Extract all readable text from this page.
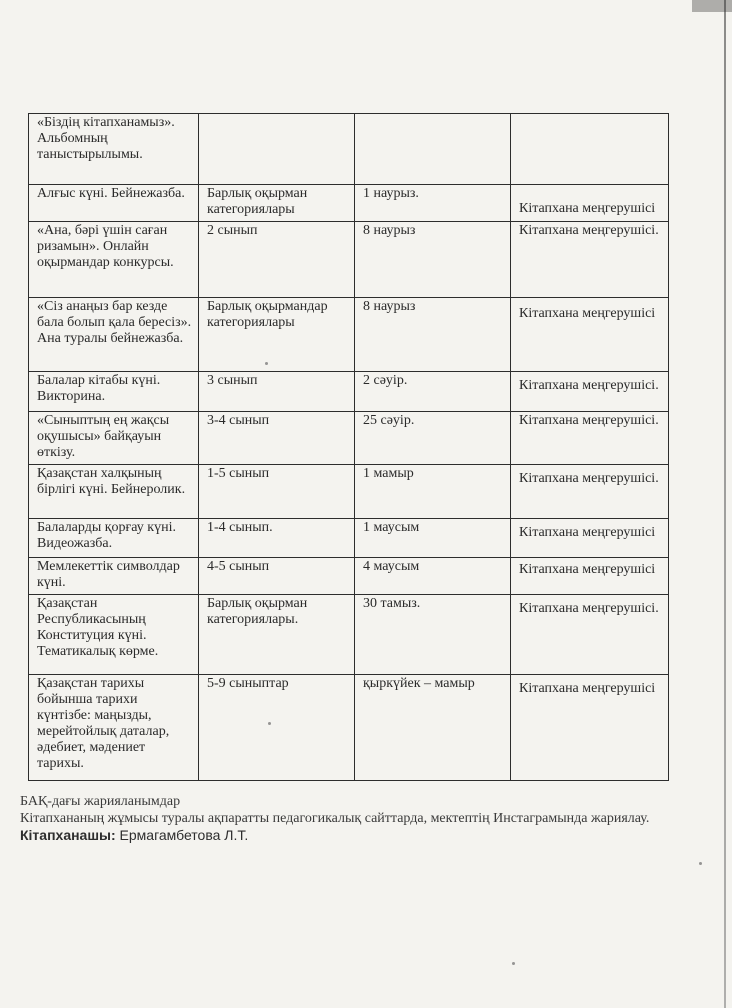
«Біздің кітапханамыз». Альбомның таныстырылымы.			
Алғыс күні. Бейнежазба.	Барлық оқырман категориялары	1 наурыз.	Кітапхана меңгерушісі
«Ана, бәрі үшін саған ризамын». Онлайн оқырмандар конкурсы.	2 сынып	8 наурыз	Кітапхана меңгерушісі.
«Сіз анаңыз бар кезде бала болып қала бересіз». Ана туралы бейнежазба.	Барлық оқырмандар категориялары	8 наурыз	Кітапхана меңгерушісі
Балалар кітабы күні. Викторина.	3 сынып	2 сәуір.	Кітапхана меңгерушісі.
«Сыныптың ең жақсы оқушысы» байқауын өткізу.	3-4 сынып	25 сәуір.	Кітапхана меңгерушісі.
Қазақстан халқының бірлігі күні. Бейнеролик.	1-5 сынып	1 мамыр	Кітапхана меңгерушісі.
Балаларды қорғау күні. Видеожазба.	1-4 сынып.	1 маусым	Кітапхана меңгерушісі
Мемлекеттік символдар күні.	4-5 сынып	4 маусым	Кітапхана меңгерушісі
Қазақстан Республикасының Конституция күні. Тематикалық көрме.	Барлық оқырман категориялары.	30 тамыз.	Кітапхана меңгерушісі.
Қазақстан тарихы бойынша тарихи күнтізбе: маңызды, мерейтойлық даталар, әдебиет, мәдениет тарихы.	5-9 сыныптар	қыркүйек – мамыр	Кітапхана меңгерушісі

БАҚ-дағы жарияланымдар

Кітапхананың жұмысы туралы ақпаратты педагогикалық сайттарда, мектептің Инстаграмында жариялау.

Кітапханашы: Ермагамбетова Л.Т.
